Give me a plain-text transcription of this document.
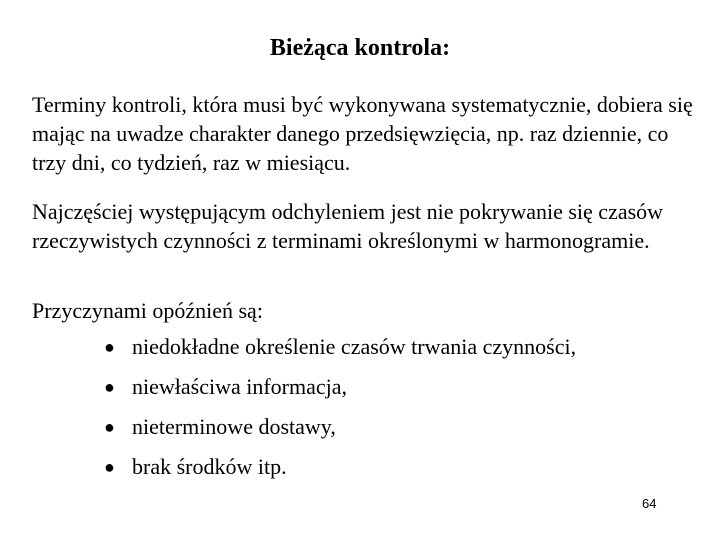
Bieżąca kontrola:

Terminy kontroli, która musi być wykonywana systematycznie, dobiera się mając na uwadze charakter danego przedsięwzięcia, np. raz dziennie, co trzy dni, co tydzień, raz w miesiącu.

Najczęściej występującym odchyleniem jest nie pokrywanie się czasów rzeczywistych czynności z terminami określonymi w harmonogramie.

Przyczynami opóźnień są:

● niedokładne określenie czasów trwania czynności,
● niewłaściwa informacja,
● nieterminowe dostawy,
● brak środków itp.
64
